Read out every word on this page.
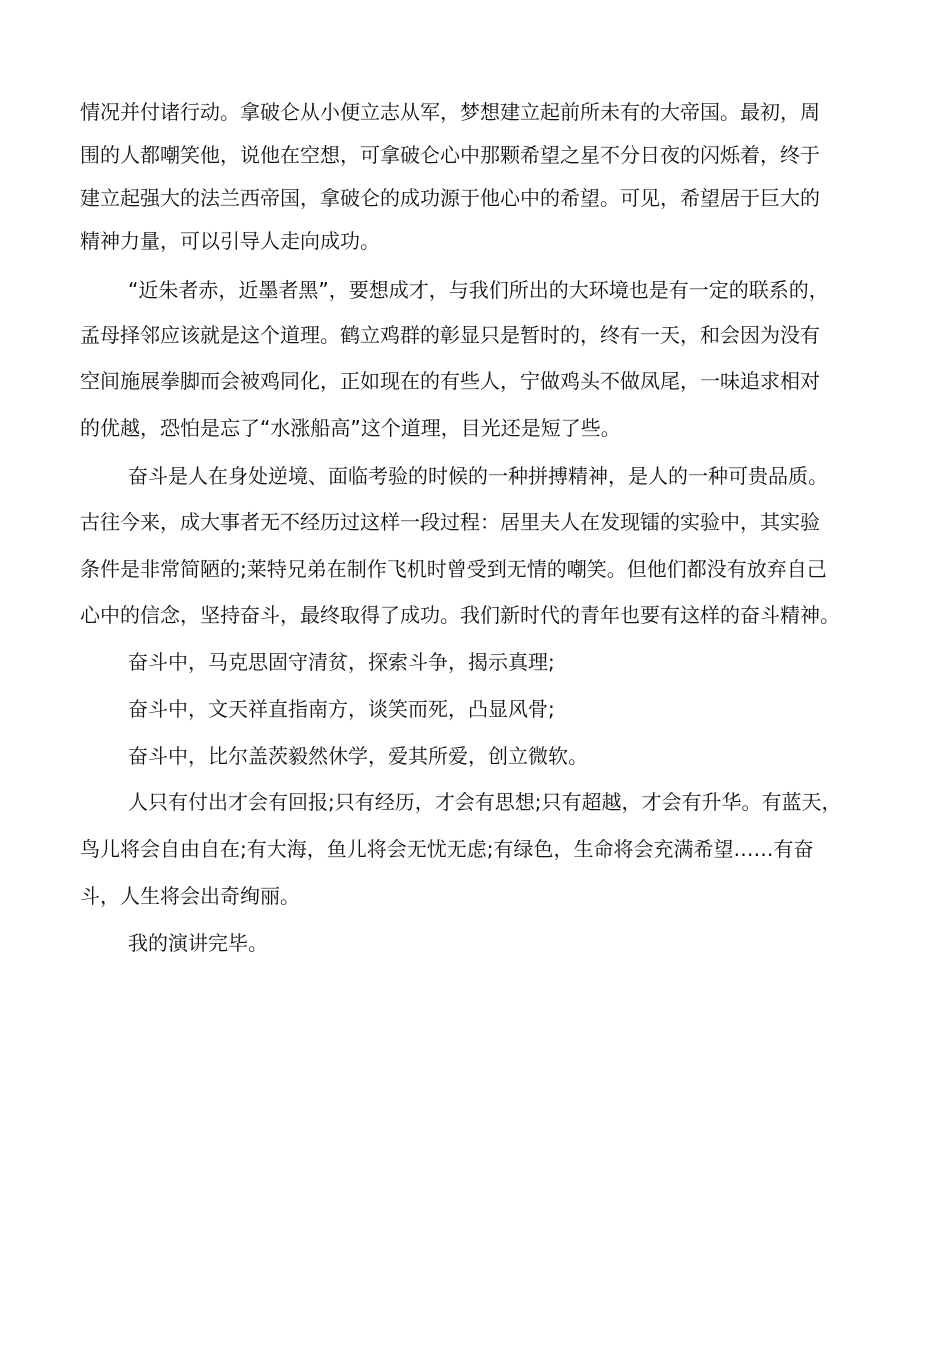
情况并付诸行动。拿破仑从小便立志从军，梦想建立起前所未有的大帝国。最初，周
围的人都嘲笑他，说他在空想，可拿破仑心中那颗希望之星不分日夜的闪烁着，终于
建立起强大的法兰西帝国，拿破仑的成功源于他心中的希望。可见，希望居于巨大的
精神力量，可以引导人走向成功。
“近朱者赤，近墨者黑”，要想成才，与我们所出的大环境也是有一定的联系的，
孟母择邻应该就是这个道理。鹤立鸡群的彰显只是暂时的，终有一天，和会因为没有
空间施展拳脚而会被鸡同化，正如现在的有些人，宁做鸡头不做凤尾，一味追求相对
的优越，恐怕是忘了“水涨船高”这个道理，目光还是短了些。
奋斗是人在身处逆境、面临考验的时候的一种拼搏精神，是人的一种可贵品质。
古往今来，成大事者无不经历过这样一段过程：居里夫人在发现镭的实验中，其实验
条件是非常简陋的;莱特兄弟在制作飞机时曾受到无情的嘲笑。但他们都没有放弃自己
心中的信念，坚持奋斗，最终取得了成功。我们新时代的青年也要有这样的奋斗精神。
奋斗中，马克思固守清贫，探索斗争，揭示真理;
奋斗中，文天祥直指南方，谈笑而死，凸显风骨;
奋斗中，比尔盖茨毅然休学，爱其所爱，创立微软。
人只有付出才会有回报;只有经历，才会有思想;只有超越，才会有升华。有蓝天，
鸟儿将会自由自在;有大海，鱼儿将会无忧无虑;有绿色，生命将会充满希望……有奋
斗，人生将会出奇绚丽。
我的演讲完毕。
